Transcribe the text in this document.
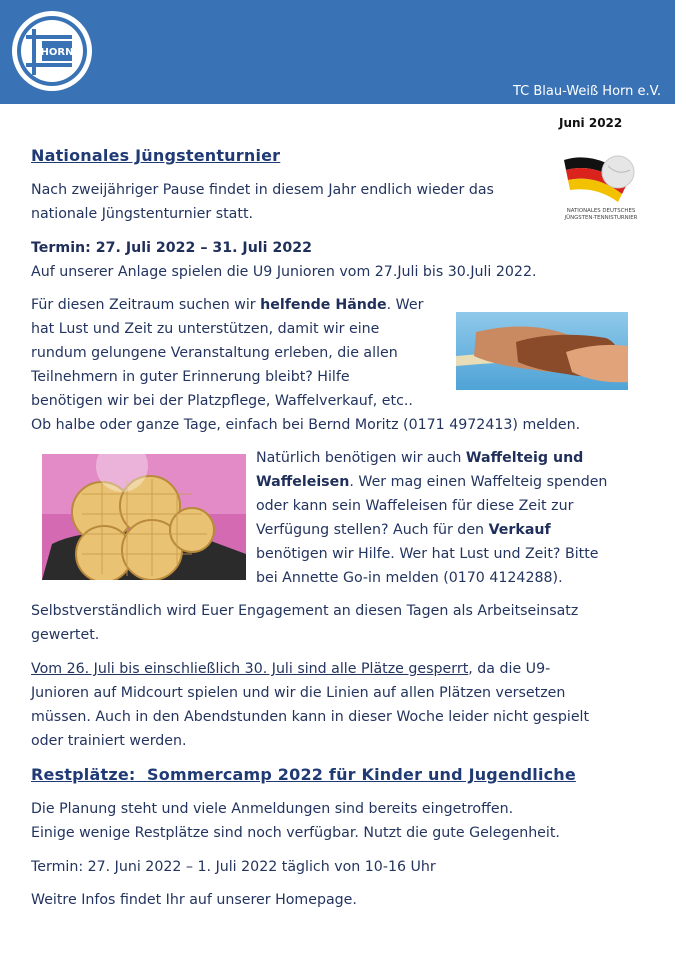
HORN
TC Blau-Weiß Horn e.V.
Juni 2022
NATIONALES DEUTSCHES
JÜNGSTEN-TENNISTURNIER
Nationales Jüngstenturnier
Nach zweijähriger Pause findet in diesem Jahr endlich wieder das
nationale Jüngstenturnier statt.
Termin: 27. Juli 2022 – 31. Juli 2022
Auf unserer Anlage spielen die U9 Junioren vom 27.Juli bis 30.Juli 2022.
Für diesen Zeitraum suchen wir helfende Hände. Wer
hat Lust und Zeit zu unterstützen, damit wir eine
rundum gelungene Veranstaltung erleben, die allen
Teilnehmern in guter Erinnerung bleibt? Hilfe
benötigen wir bei der Platzpflege, Waffelverkauf, etc..
Ob halbe oder ganze Tage, einfach bei Bernd Moritz (0171 4972413) melden.
Natürlich benötigen wir auch Waffelteig und
Waffeleisen. Wer mag einen Waffelteig spenden
oder kann sein Waffeleisen für diese Zeit zur
Verfügung stellen? Auch für den Verkauf
benötigen wir Hilfe. Wer hat Lust und Zeit? Bitte
bei Annette Go-in melden (0170 4124288).
Selbstverständlich wird Euer Engagement an diesen Tagen als Arbeitseinsatz
gewertet.
Vom 26. Juli bis einschließlich 30. Juli sind alle Plätze gesperrt, da die U9-
Junioren auf Midcourt spielen und wir die Linien auf allen Plätzen versetzen
müssen. Auch in den Abendstunden kann in dieser Woche leider nicht gespielt
oder trainiert werden.
Restplätze:  Sommercamp 2022 für Kinder und Jugendliche
Die Planung steht und viele Anmeldungen sind bereits eingetroffen.
Einige wenige Restplätze sind noch verfügbar. Nutzt die gute Gelegenheit.
Termin: 27. Juni 2022 – 1. Juli 2022 täglich von 10-16 Uhr
Weitre Infos findet Ihr auf unserer Homepage.
